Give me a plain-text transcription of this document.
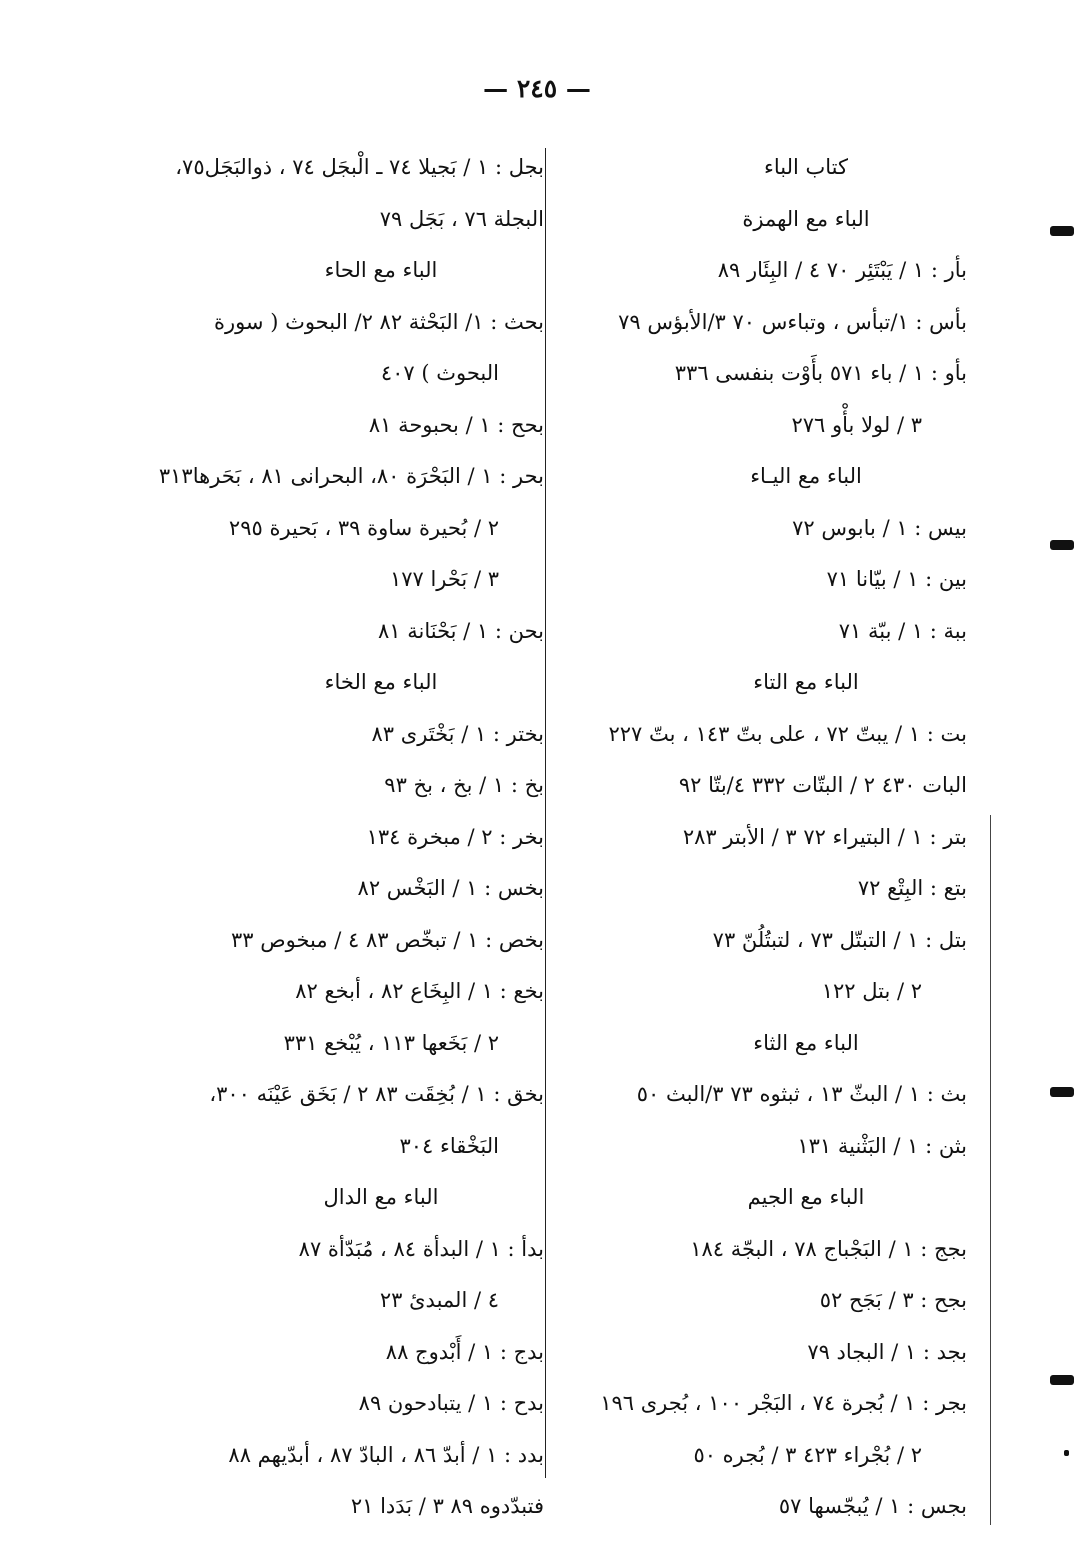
— ٢٤٥ —
كتاب الباء
الباء مع الهمزة
بأر : ١ / يَبْتَئِر ٧٠ ٤ / البِئَار ٨٩
بأس : ١/تبأس ، وتباءس ٧٠ ٣/الأبؤس ٧٩
بأو : ١ / باء ٥٧١ بأَوْت بنفسى ٣٣٦
٣ / لولا بأْو ٢٧٦
الباء مع اليـاء
بيس : ١ / بابوس ٧٢
بين : ١ / بيّانا ٧١
ببة : ١ / ببّة ٧١
الباء مع التاء
بت : ١ / يبتّ ٧٢ ، على بتّ ١٤٣ ، بتّ ٢٢٧
البات ٤٣٠ ٢ / البتّات ٣٣٢ ٤/بتّا ٩٢
بتر : ١ / البتيراء ٧٢ ٣ / الأبتر ٢٨٣
بتع : البِتْع ٧٢
بتل : ١ / التبتّل ٧٣ ، لتبتُلُنّ ٧٣
٢ / بتل ١٢٢
الباء مع الثاء
بث : ١ / البثّ ١٣ ، ثبثوه ٧٣ ٣/البث ٥٠
بثن : ١ / البَثْنية ١٣١
الباء مع الجيم
بجج : ١ / البَجْباج ٧٨ ، البجّة ١٨٤
بجح : ٣ / بَجَح ٥٢
بجد : ١ / البجاد ٧٩
بجر : ١ / بُجرة ٧٤ ، البَجْر ١٠٠ ، بُجرى ١٩٦
٢ / بُجْراء ٤٢٣ ٣ / بُجره ٥٠
بجس : ١ / يُبجّسها ٥٧
بجل : ١ / بَجيلا ٧٤ ـ الْبجَل ٧٤ ، ذوالبَجَل٧٥،
البجلة ٧٦ ، بَجَل ٧٩
الباء مع الحاء
بحث : ١/ البَحْثة ٨٢ ٢/ البحوث ( سورة
البحوث ) ٤٠٧
بحح : ١ / بحبوحة ٨١
بحر : ١ / البَحْرَة ٨٠، البحرانى ٨١ ، بَحَرها٣١٣
٢ / بُحيرة ساوة ٣٩ ، بَحيرة ٢٩٥
٣ / بَحْرا ١٧٧
بحن : ١ / بَحْنَانة ٨١
الباء مع الخاء
بختر : ١ / بَخْتَرى ٨٣
بخ : ١ / بخ ، بخ ٩٣
بخر : ٢ / مبخرة ١٣٤
بخس : ١ / البَخْس ٨٢
بخص : ١ / تبخّص ٨٣ ٤ / مبخوص ٣٣
بخع : ١ / البِخَاع ٨٢ ، أبخع ٨٢
٢ / بَخَعها ١١٣ ، يُبْخع ٣٣١
بخق : ١ / بُخِقَت ٨٣ ٢ / بَخَق عَيْنَه ٣٠٠،
البَخْقاء ٣٠٤
الباء مع الدال
بدأ : ١ / البدأة ٨٤ ، مُبَدّأة ٨٧
٤ / المبدئ ٢٣
بدج : ١ / أَبْدوج ٨٨
بدح : ١ / يتبادحون ٨٩
بدد : ١ / أبدّ ٨٦ ، البادّ ٨٧ ، أبدّيهم ٨٨
فتبدّدوه ٨٩ ٣ / بَدَدا ٢١
